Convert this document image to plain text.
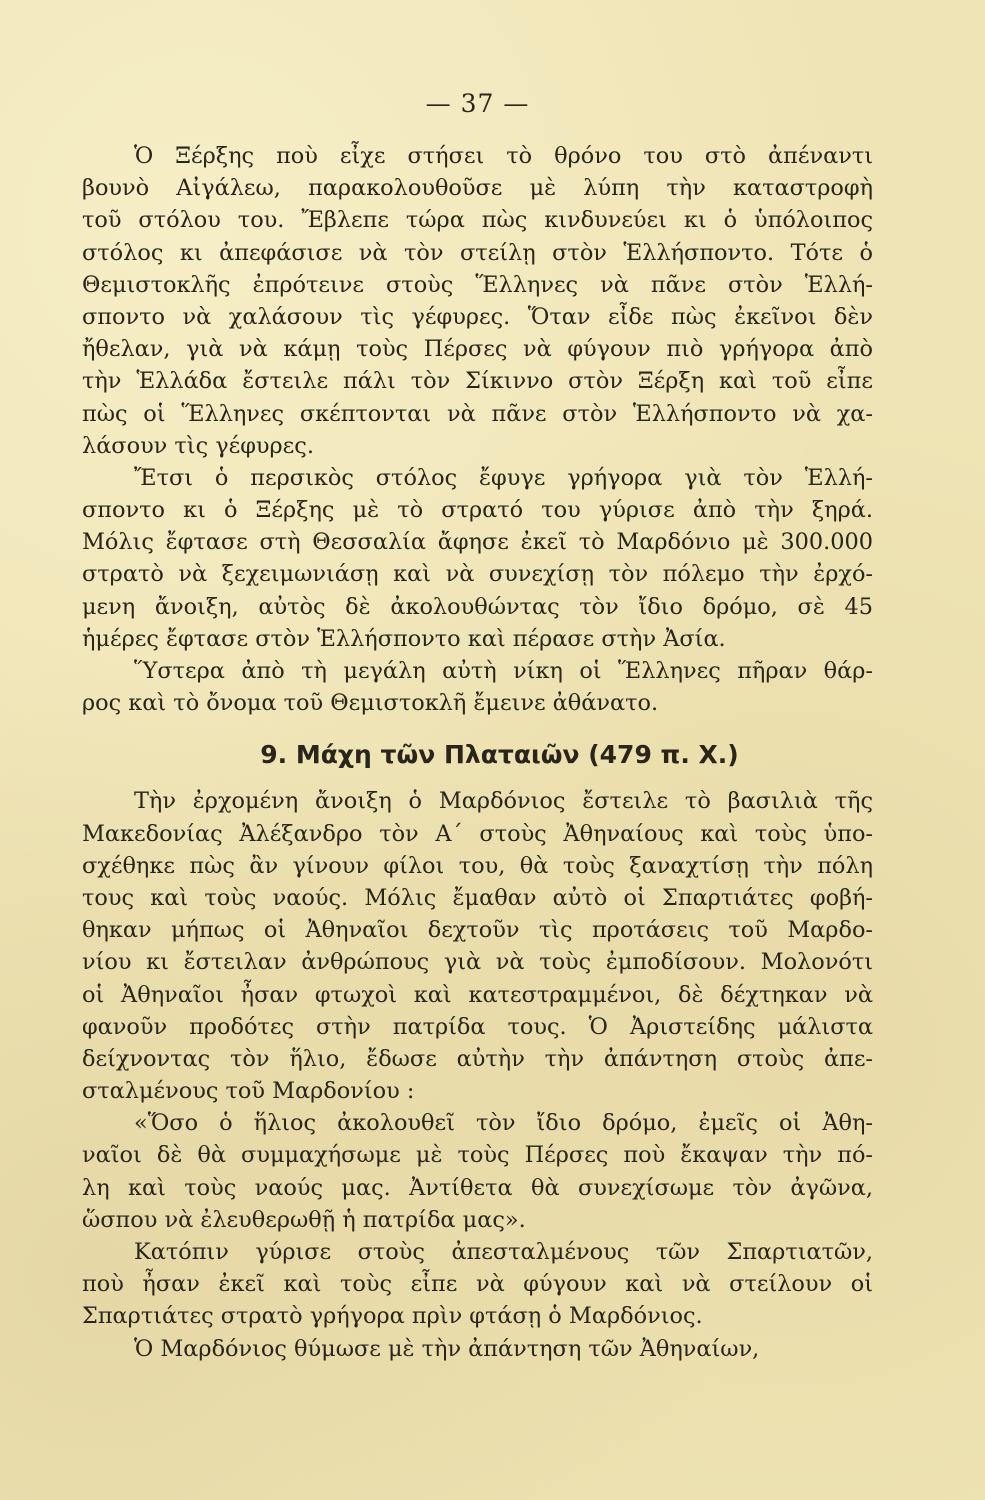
— 37 —
Ὁ Ξέρξης ποὺ εἶχε στήσει τὸ θρόνο του στὸ ἀπέναντι
βουνὸ Αἰγάλεω, παρακολουθοῦσε μὲ λύπη τὴν καταστροφὴ
τοῦ στόλου του. Ἔβλεπε τώρα πὼς κινδυνεύει κι ὁ ὑπόλοιπος
στόλος κι ἀπεφάσισε νὰ τὸν στείλῃ στὸν Ἑλλήσποντο. Τότε ὁ
Θεμιστοκλῆς ἐπρότεινε στοὺς Ἕλληνες νὰ πᾶνε στὸν Ἑλλή-
σποντο νὰ χαλάσουν τὶς γέφυρες. Ὅταν εἶδε πὼς ἐκεῖνοι δὲν
ἤθελαν, γιὰ νὰ κάμῃ τοὺς Πέρσες νὰ φύγουν πιὸ γρήγορα ἀπὸ
τὴν Ἑλλάδα ἔστειλε πάλι τὸν Σίκιννο στὸν Ξέρξη καὶ τοῦ εἶπε
πὼς οἱ Ἕλληνες σκέπτονται νὰ πᾶνε στὸν Ἑλλήσποντο νὰ χα-
λάσουν τὶς γέφυρες.
Ἔτσι ὁ περσικὸς στόλος ἔφυγε γρήγορα γιὰ τὸν Ἑλλή-
σποντο κι ὁ Ξέρξης μὲ τὸ στρατό του γύρισε ἀπὸ τὴν ξηρά.
Μόλις ἔφτασε στὴ Θεσσαλία ἄφησε ἐκεῖ τὸ Μαρδόνιο μὲ 300.000
στρατὸ νὰ ξεχειμωνιάσῃ καὶ νὰ συνεχίσῃ τὸν πόλεμο τὴν ἐρχό-
μενη ἄνοιξη, αὐτὸς δὲ ἀκολουθώντας τὸν ἴδιο δρόμο, σὲ 45
ἡμέρες ἔφτασε στὸν Ἑλλήσποντο καὶ πέρασε στὴν Ἀσία.
Ὕστερα ἀπὸ τὴ μεγάλη αὐτὴ νίκη οἱ Ἕλληνες πῆραν θάρ-
ρος καὶ τὸ ὄνομα τοῦ Θεμιστοκλῆ ἔμεινε ἀθάνατο.
9. Μάχη τῶν Πλαταιῶν (479 π. Χ.)
Τὴν ἐρχομένη ἄνοιξη ὁ Μαρδόνιος ἔστειλε τὸ βασιλιὰ τῆς
Μακεδονίας Ἀλέξανδρο τὸν Α΄ στοὺς Ἀθηναίους καὶ τοὺς ὑπο-
σχέθηκε πὼς ἂν γίνουν φίλοι του, θὰ τοὺς ξαναχτίσῃ τὴν πόλη
τους καὶ τοὺς ναούς. Μόλις ἔμαθαν αὐτὸ οἱ Σπαρτιάτες φοβή-
θηκαν μήπως οἱ Ἀθηναῖοι δεχτοῦν τὶς προτάσεις τοῦ Μαρδο-
νίου κι ἔστειλαν ἀνθρώπους γιὰ νὰ τοὺς ἐμποδίσουν. Μολονότι
οἱ Ἀθηναῖοι ἦσαν φτωχοὶ καὶ κατεστραμμένοι, δὲ δέχτηκαν νὰ
φανοῦν προδότες στὴν πατρίδα τους. Ὁ Ἀριστείδης μάλιστα
δείχνοντας τὸν ἥλιο, ἔδωσε αὐτὴν τὴν ἀπάντηση στοὺς ἀπε-
σταλμένους τοῦ Μαρδονίου :
«Ὅσο ὁ ἥλιος ἀκολουθεῖ τὸν ἴδιο δρόμο, ἐμεῖς οἱ Ἀθη-
ναῖοι δὲ θὰ συμμαχήσωμε μὲ τοὺς Πέρσες ποὺ ἔκαψαν τὴν πό-
λη καὶ τοὺς ναούς μας. Ἀντίθετα θὰ συνεχίσωμε τὸν ἀγῶνα,
ὥσπου νὰ ἐλευθερωθῇ ἡ πατρίδα μας».
Κατόπιν γύρισε στοὺς ἀπεσταλμένους τῶν Σπαρτιατῶν,
ποὺ ἦσαν ἐκεῖ καὶ τοὺς εἶπε νὰ φύγουν καὶ νὰ στείλουν οἱ
Σπαρτιάτες στρατὸ γρήγορα πρὶν φτάσῃ ὁ Μαρδόνιος.
Ὁ Μαρδόνιος θύμωσε μὲ τὴν ἀπάντηση τῶν Ἀθηναίων,
